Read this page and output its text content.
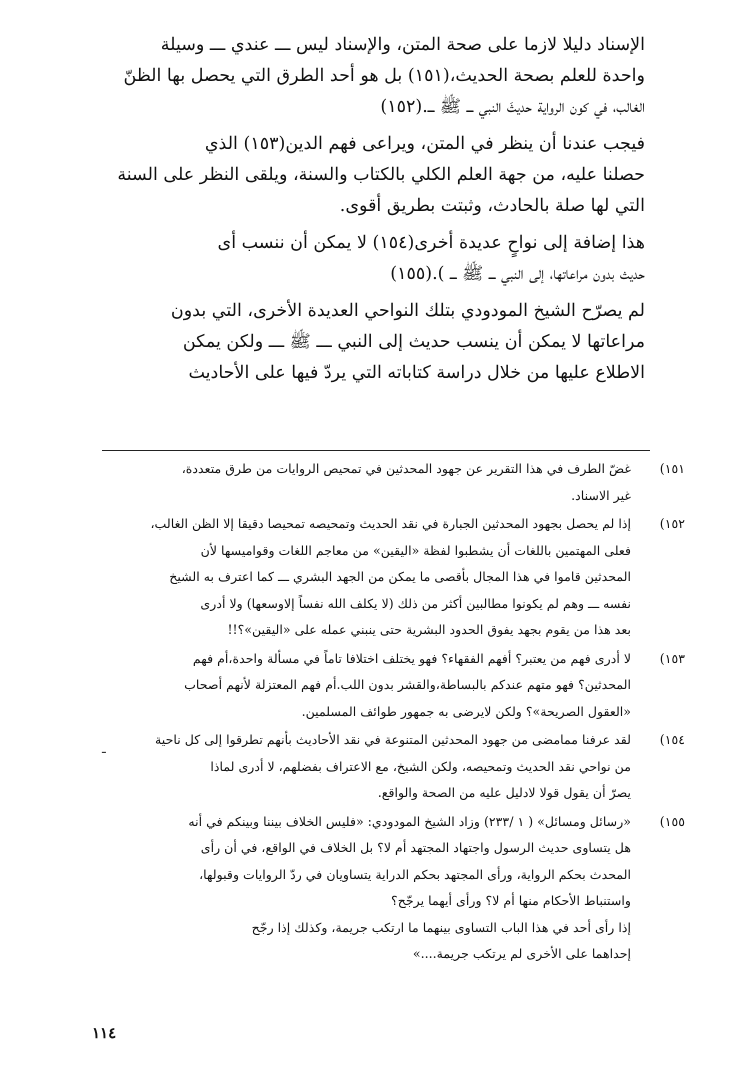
الإسناد دليلا لازما على صحة المتن، والإسناد ليس ـــ عندي ـــ وسيلة
واحدة للعلم بصحة الحديث،(١٥١) بل هو أحد الطرق التي يحصل بها الظنّ
الغالب، في كون الرواية حديثَ النبي ـــ ﷺ ـــ.(١٥٢)

فيجب عندنا أن ينظر في المتن، ويراعى فهم الدين(١٥٣) الذي
حصلنا عليه، من جهة العلم الكلي بالكتاب والسنة، ويلقى النظر على السنة
التي لها صلة بالحادث، وثبتت بطريق أقوى.

هذا إضافة إلى نواحٍ عديدة أخرى(١٥٤) لا يمكن أن ننسب أى
حديث بدون مراعاتها، إلى النبي ـــ ﷺ ـــ ).(١٥٥)

لم يصرّح الشيخ المودودي بتلك النواحي العديدة الأخرى، التي بدون
مراعاتها لا يمكن أن ينسب حديث إلى النبي ـــ ﷺ ـــ ولكن يمكن
الاطلاع عليها من خلال دراسة كتاباته التي يردّ فيها على الأحاديث

١٥١)
غضّ الطرف في هذا التقرير عن جهود المحدثين في تمحيص الروايات من طرق متعددة،
غير الاسناد.
١٥٢)
إذا لم يحصل بجهود المحدثين الجبارة في نقد الحديث وتمحيصه تمحيصا دقيقا إلا الظن الغالب،
فعلى المهتمين باللغات أن يشطبوا لفظة «اليقين» من معاجم اللغات وقواميسها لأن
المحدثين قاموا في هذا المجال بأقصى ما يمكن من الجهد البشري ـــ كما اعترف به الشيخ
نفسه ـــ وهم لم يكونوا مطالبين أكثر من ذلك (لا يكلف الله نفساً إلاوسعها) ولا أدرى
بعد هذا من يقوم بجهد يفوق الحدود البشرية حتى ينبني عمله على «اليقين»؟!!
١٥٣)
لا أدرى فهم من يعتبر؟ أفهم الفقهاء؟ فهو يختلف اختلافا تاماً في مسألة واحدة،أم فهم
المحدثين؟ فهو متهم عندكم بالبساطة،والقشر بدون اللب.أم فهم المعتزلة لأنهم أصحاب
«العقول الصريحة»؟ ولكن لايرضى به جمهور طوائف المسلمين.
١٥٤)
لقد عرفنا ممامضى من جهود المحدثين المتنوعة في نقد الأحاديث بأنهم تطرقوا إلى كل ناحية
من نواحي نقد الحديث وتمحيصه، ولكن الشيخ، مع الاعتراف بفضلهم، لا أدرى لماذا
يصرّ أن يقول قولا لادليل عليه من الصحة والواقع.
١٥٥)
«رسائل ومسائل» ( ١ /٢٣٣) وزاد الشيخ المودودي: «فليس الخلاف بيننا وبينكم في أنه
هل يتساوى حديث الرسول واجتهاد المجتهد أم لا؟ بل الخلاف في الواقع، في أن رأى
المحدث بحكم الرواية، ورأى المجتهد بحكم الدراية يتساويان في ردّ الروايات وقبولها،
واستنباط الأحكام منها أم لا؟ ورأى أيهما يرجّح؟
إذا رأى أحد في هذا الباب التساوى بينهما ما ارتكب جريمة، وكذلك إذا رجّح
إحداهما على الأخرى لم يرتكب جريمة....»
ـ
١١٤
